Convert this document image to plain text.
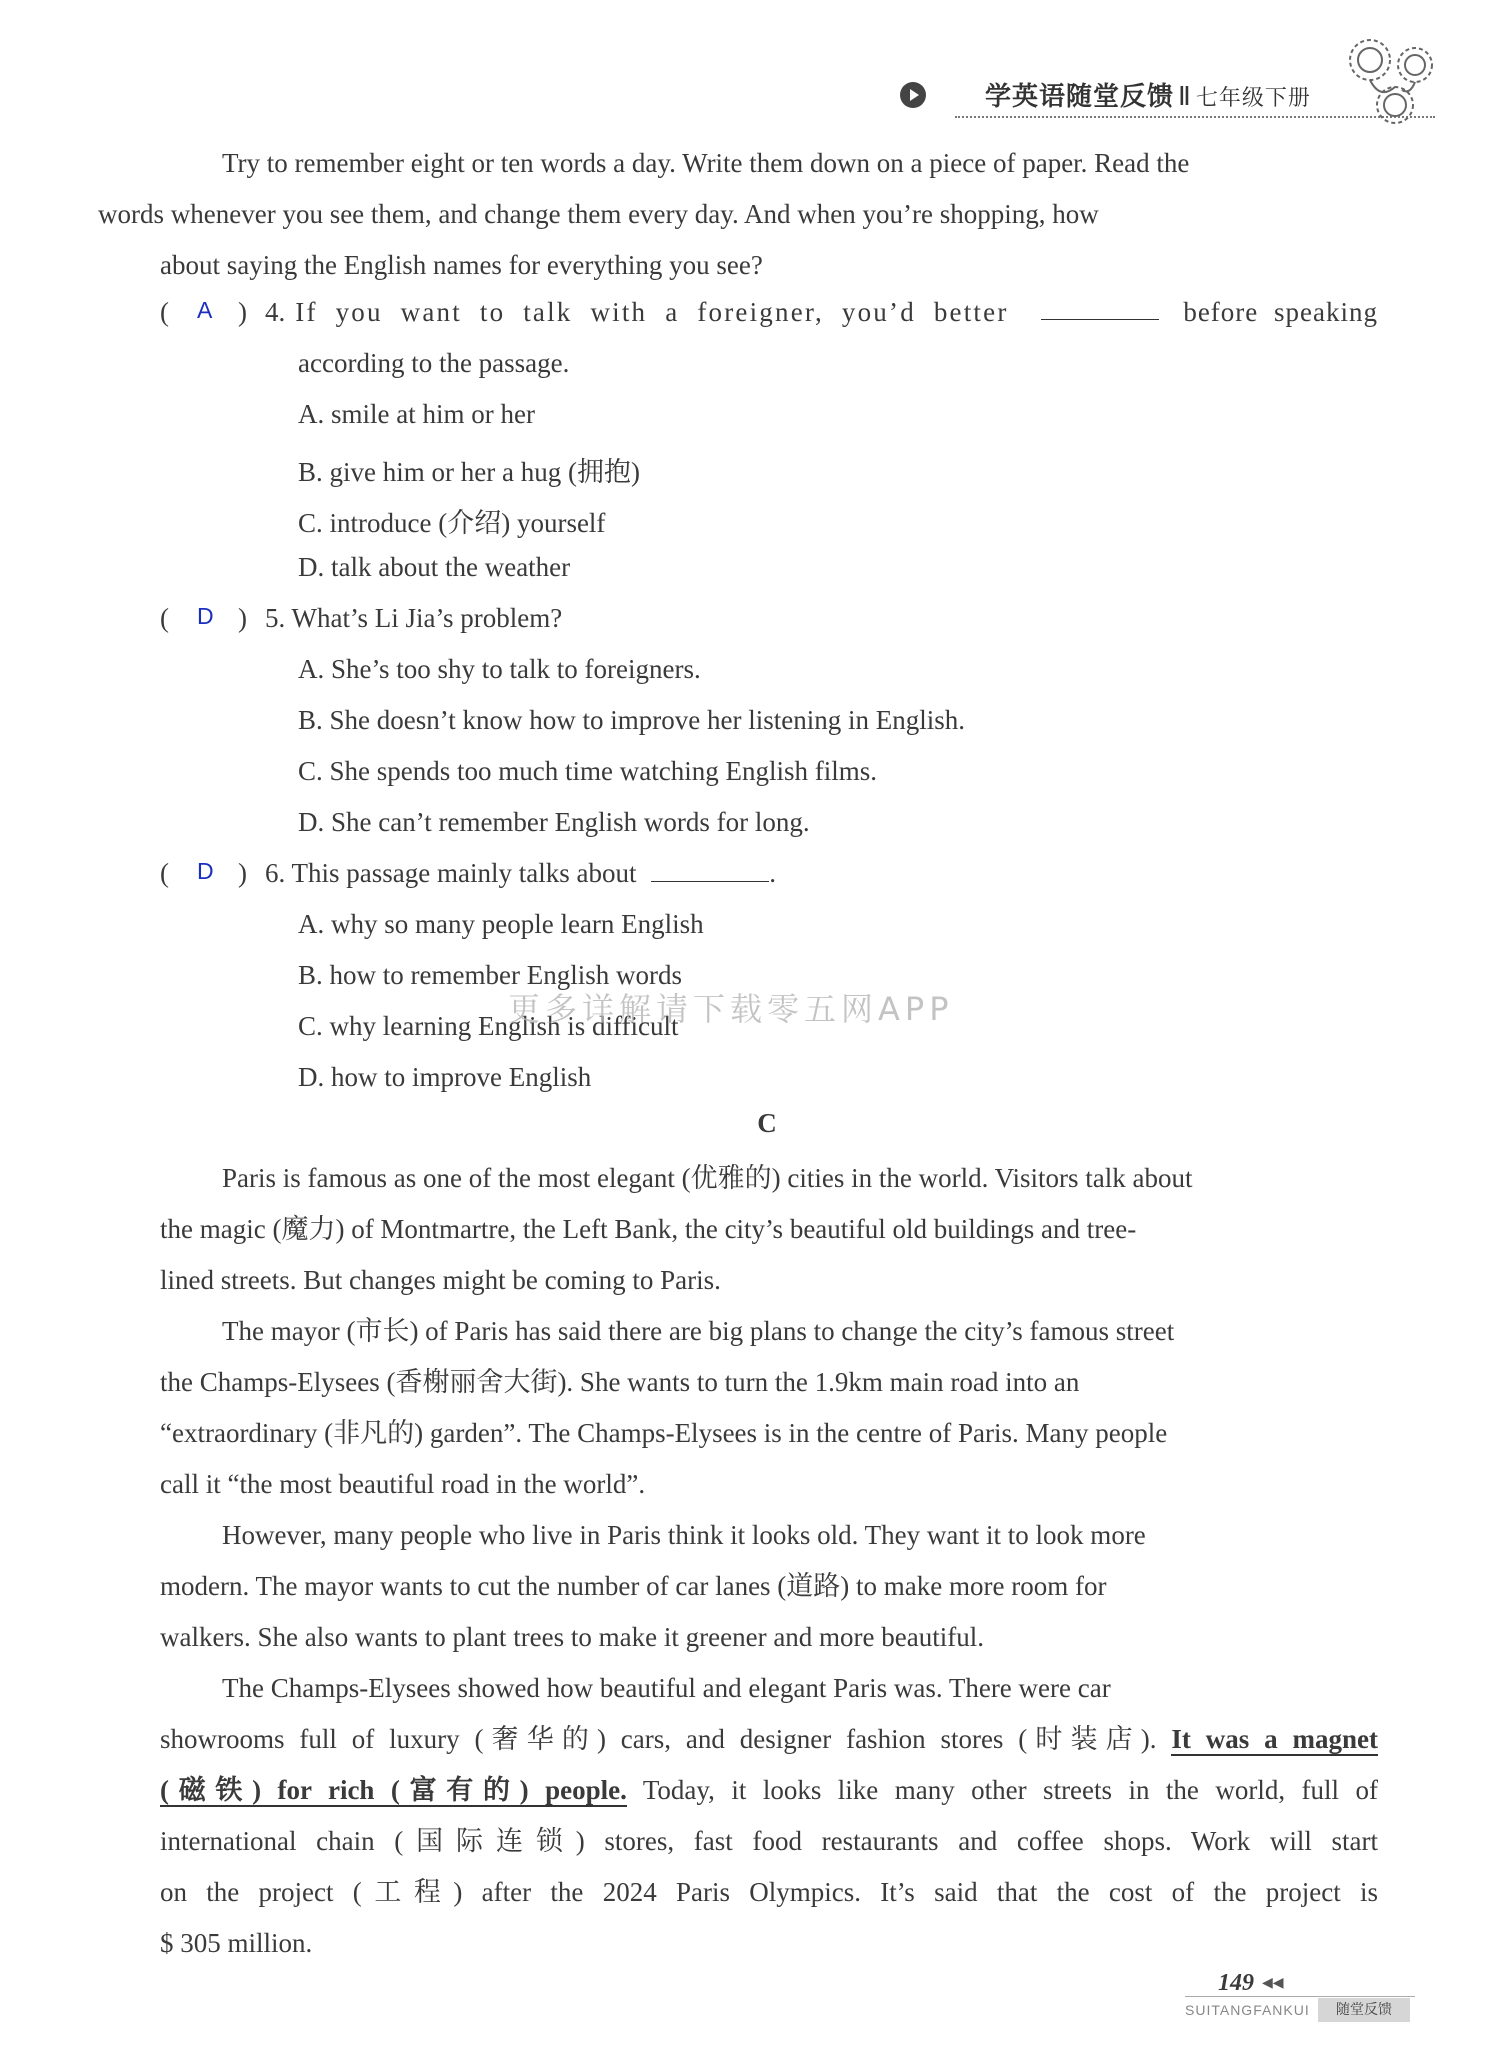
学英语随堂反馈 Ⅱ 七年级下册

Try to remember eight or ten words a day. Write them down on a piece of paper. Read the
words whenever you see them, and change them every day. And when you’re shopping, how
about saying the English names for everything you see?

( A ) 4. If you want to talk with a foreigner, you’d better	before speaking
according to the passage.
A. smile at him or her
B. give him or her a hug (拥抱)
C. introduce (介绍) yourself
D. talk about the weather
( D ) 5. What’s Li Jia’s problem?
A. She’s too shy to talk to foreigners.
B. She doesn’t know how to improve her listening in English.
C. She spends too much time watching English films.
D. She can’t remember English words for long.
( D ) 6. This passage mainly talks about	.
A. why so many people learn English
B. how to remember English words
C. why learning English is difficult
D. how to improve English
更多详解请下载零五网APP
C

Paris is famous as one of the most elegant (优雅的) cities in the world. Visitors talk about
the magic (魔力) of Montmartre, the Left Bank, the city’s beautiful old buildings and tree-
lined streets. But changes might be coming to Paris.

The mayor (市长) of Paris has said there are big plans to change the city’s famous street
the Champs-Elysees (香榭丽舍大街). She wants to turn the 1.9km main road into an
“extraordinary (非凡的) garden”. The Champs-Elysees is in the centre of Paris. Many people
call it “the most beautiful road in the world”.

However, many people who live in Paris think it looks old. They want it to look more
modern. The mayor wants to cut the number of car lanes (道路) to make more room for
walkers. She also wants to plant trees to make it greener and more beautiful.

The Champs-Elysees showed how beautiful and elegant Paris was. There were car
showrooms full of luxury (奢华的) cars, and designer fashion stores (时装店). It was a magnet
(磁铁) for rich (富有的) people. Today, it looks like many other streets in the world, full of
international chain (国际连锁) stores, fast food restaurants and coffee shops. Work will start
on the project (工程) after the 2024 Paris Olympics. It’s said that the cost of the project is
$ 305 million.

149 ◀◀
SUITANGFANKUI	随堂反馈
